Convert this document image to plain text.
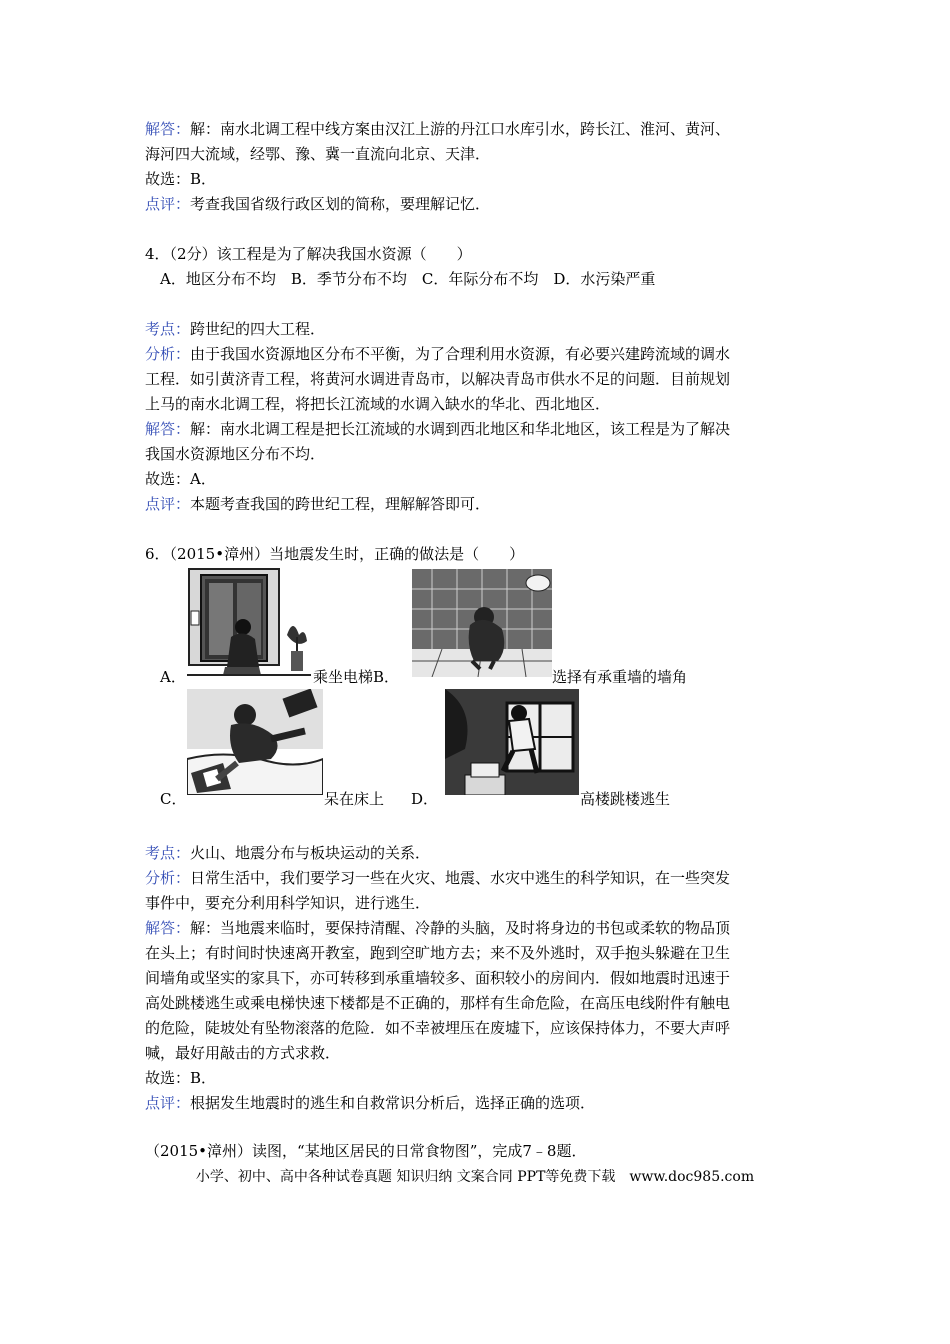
解答：解：南水北调工程中线方案由汉江上游的丹江口水库引水，跨长江、淮河、黄河、
海河四大流域，经鄂、豫、冀一直流向北京、天津．
故选：B．
点评：考查我国省级行政区划的简称，要理解记忆．
4．（2分）该工程是为了解决我国水资源（　　）
A．地区分布不均　B．季节分布不均　C．年际分布不均　D．水污染严重
考点：跨世纪的四大工程．
分析：由于我国水资源地区分布不平衡，为了合理利用水资源，有必要兴建跨流域的调水
工程．如引黄济青工程，将黄河水调进青岛市，以解决青岛市供水不足的问题．目前规划
上马的南水北调工程，将把长江流域的水调入缺水的华北、西北地区．
解答：解：南水北调工程是把长江流域的水调到西北地区和华北地区，该工程是为了解决
我国水资源地区分布不均．
故选：A．
点评：本题考查我国的跨世纪工程，理解解答即可．
6．（2015•漳州）当地震发生时，正确的做法是（　　）
A．	乘坐电梯B．	选择有承重墙的墙角
C．	呆在床上 D．	高楼跳楼逃生
考点：火山、地震分布与板块运动的关系．
分析：日常生活中，我们要学习一些在火灾、地震、水灾中逃生的科学知识，在一些突发
事件中，要充分利用科学知识，进行逃生．
解答：解：当地震来临时，要保持清醒、冷静的头脑，及时将身边的书包或柔软的物品顶
在头上；有时间时快速离开教室，跑到空旷地方去；来不及外逃时，双手抱头躲避在卫生
间墙角或坚实的家具下，亦可转移到承重墙较多、面积较小的房间内．假如地震时迅速于
高处跳楼逃生或乘电梯快速下楼都是不正确的，那样有生命危险，在高压电线附件有触电
的危险，陡坡处有坠物滚落的危险．如不幸被埋压在废墟下，应该保持体力，不要大声呼
喊，最好用敲击的方式求救．
故选：B．
点评：根据发生地震时的逃生和自救常识分析后，选择正确的选项．
（2015•漳州）读图，“某地区居民的日常食物图”，完成7﹣8题．
小学、初中、高中各种试卷真题 知识归纳 文案合同 PPT等免费下载　www.doc985.com
